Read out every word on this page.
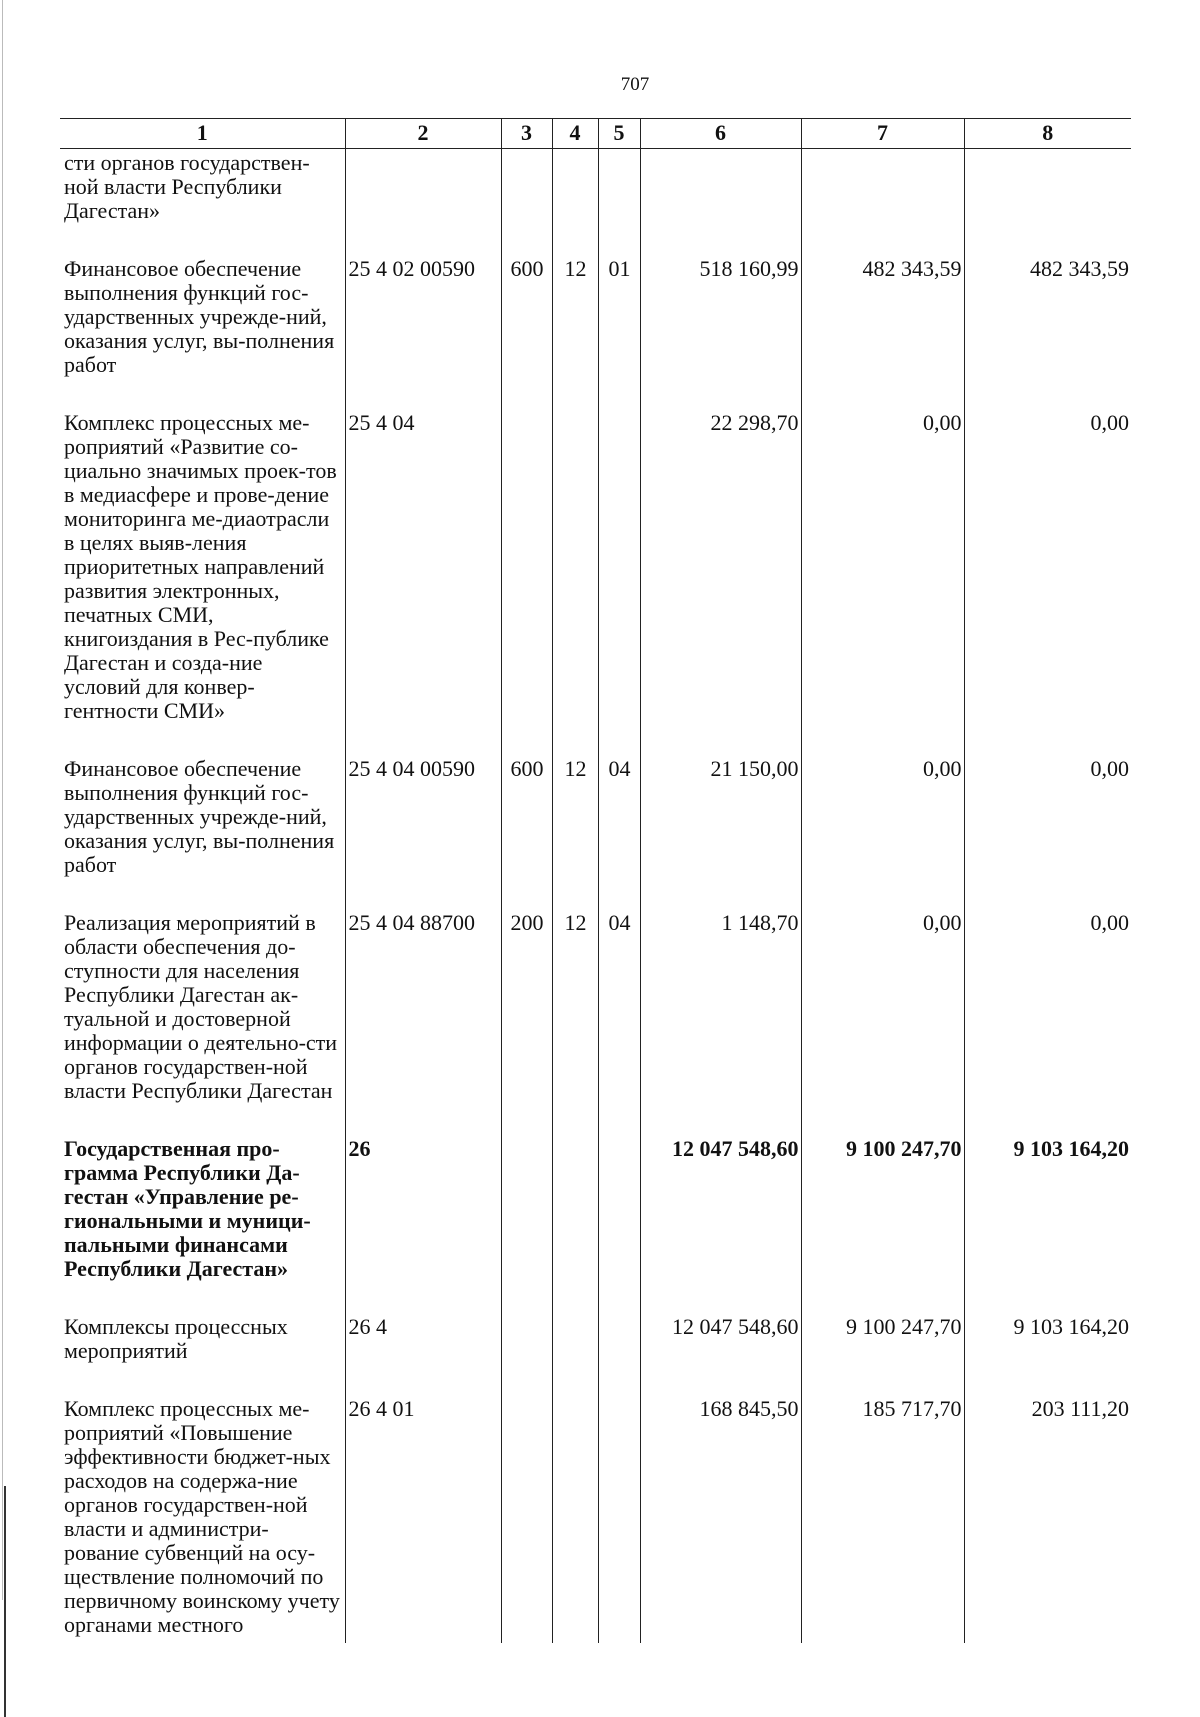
707
1	2	3	4	5	6	7	8
сти органов государствен-ной власти Республики Дагестан»							
Финансовое обеспечение выполнения функций гос-ударственных учрежде-ний, оказания услуг, вы-полнения работ	25 4 02 00590	600	12	01	518 160,99	482 343,59	482 343,59
Комплекс процессных ме-роприятий «Развитие со-циально значимых проек-тов в медиасфере и прове-дение мониторинга ме-диаотрасли в целях выяв-ления приоритетных направлений развития электронных, печатных СМИ, книгоиздания в Рес-публике Дагестан и созда-ние условий для конвер-гентности СМИ»	25 4 04				22 298,70	0,00	0,00
Финансовое обеспечение выполнения функций гос-ударственных учрежде-ний, оказания услуг, вы-полнения работ	25 4 04 00590	600	12	04	21 150,00	0,00	0,00
Реализация мероприятий в области обеспечения до-ступности для населения Республики Дагестан ак-туальной и достоверной информации о деятельно-сти органов государствен-ной власти Республики Дагестан	25 4 04 88700	200	12	04	1 148,70	0,00	0,00
Государственная про-грамма Республики Да-гестан «Управление ре-гиональными и муници-пальными финансами Республики Дагестан»	26				12 047 548,60	9 100 247,70	9 103 164,20
Комплексы процессных мероприятий	26 4				12 047 548,60	9 100 247,70	9 103 164,20
Комплекс процессных ме-роприятий «Повышение эффективности бюджет-ных расходов на содержа-ние органов государствен-ной власти и администри-рование субвенций на осу-ществление полномочий по первичному воинскому учету органами местного	26 4 01				168 845,50	185 717,70	203 111,20
